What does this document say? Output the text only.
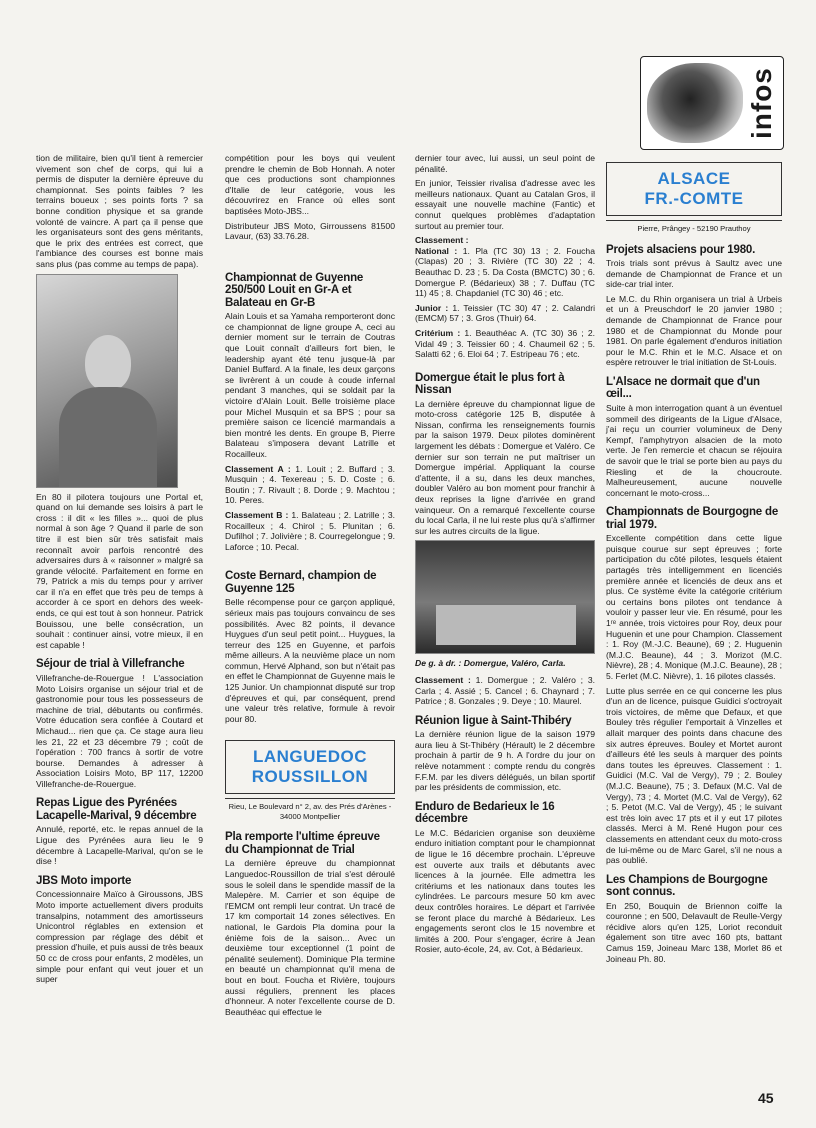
infos

tion de militaire, bien qu'il tient à remercier vivement son chef de corps, qui lui a permis de disputer la dernière épreuve du championnat. Ses points faibles ? les terrains boueux ; ses points forts ? sa bonne condition physique et sa grande volonté de vaincre. A part ça il pense que les organisateurs sont des gens méritants, que le prix des entrées est correct, que l'ambiance des courses est bonne mais sans plus (pas comme au temps de papa).

En 80 il pilotera toujours une Portal et, quand on lui demande ses loisirs à part le cross : il dit « les filles »... quoi de plus normal à son âge ? Quand il parle de son titre il est bien sûr très satisfait mais reconnaît avoir parfois rencontré des adversaires durs à « raisonner » malgré sa grande vélocité. Parfaitement en forme en 79, Patrick a mis du temps pour y arriver car il n'a en effet que très peu de temps à accorder à ce sport en dehors des week-ends, ce qui est tout à son honneur. Patrick Bouissou, une belle consécration, un souhait : continuer ainsi, votre mieux, il en est capable !

Séjour de trial à Villefranche

Villefranche-de-Rouergue ! L'association Moto Loisirs organise un séjour trial et de gastronomie pour tous les possesseurs de machine de trial, débutants ou confirmés. Votre éducation sera confiée à Coutard et Michaud... rien que ça. Ce stage aura lieu les 21, 22 et 23 décembre 79 ; coût de l'opération : 700 francs à sortir de votre bourse. Demandes à adresser à Association Loisirs Moto, BP 117, 12200 Villefranche-de-Rouergue.

Repas Ligue des Pyrénées Lacapelle-Marival, 9 décembre

Annulé, reporté, etc. le repas annuel de la Ligue des Pyrénées aura lieu le 9 décembre à Lacapelle-Marival, qu'on se le dise !

JBS Moto importe

Concessionnaire Maïco à Giroussons, JBS Moto importe actuellement divers produits transalpins, notamment des amortisseurs Unicontrol réglables en extension et compression par réglage des débit et pression d'huile, et puis aussi de très beaux 50 cc de cross pour enfants, 2 modèles, un simple pour enfant qui veut jouer et un super

compétition pour les boys qui veulent prendre le chemin de Bob Honnah. A noter que ces productions sont championnes d'Italie de leur catégorie, vous les découvrirez en France où elles sont baptisées Moto-JBS...

Distributeur JBS Moto, Girroussens 81500 Lavaur, (63) 33.76.28.

Championnat de Guyenne 250/500 Louit en Gr-A et Balateau en Gr-B

Alain Louis et sa Yamaha remporteront donc ce championnat de ligne groupe A, ceci au dernier moment sur le terrain de Coutras que Louit connaît d'ailleurs fort bien, le leadership ayant été tenu jusque-là par Daniel Buffard. A la finale, les deux garçons se livrèrent à un coude à coude infernal pendant 3 manches, qui se soldait par la victoire d'Alain Louit. Belle troisième place pour Michel Musquin et sa BPS ; pour sa première saison ce licencié marmandais a bien montré les dents. En groupe B, Pierre Balateau s'imposera devant Latrille et Rocailleux.

Classement A : 1. Louit ; 2. Buffard ; 3. Musquin ; 4. Texereau ; 5. D. Coste ; 6. Boutin ; 7. Rivault ; 8. Dorde ; 9. Machtou ; 10. Peres.

Classement B : 1. Balateau ; 2. Latrille ; 3. Rocailleux ; 4. Chirol ; 5. Plunitan ; 6. Dufilhol ; 7. Jolivière ; 8. Courregelongue ; 9. Laforce ; 10. Pecal.

Coste Bernard, champion de Guyenne 125

Belle récompense pour ce garçon appliqué, sérieux mais pas toujours convaincu de ses possibilités. Avec 82 points, il devance Huygues d'un seul petit point... Huygues, la terreur des 125 en Guyenne, et parfois même ailleurs. A la neuvième place un nom commun, Hervé Alphand, son but n'était pas en effet le Championnat de Guyenne mais le 125 Junior. Un championnat disputé sur trop d'épreuves et qui, par conséquent, prend une valeur très relative, formule à revoir pour 80.

LANGUEDOC
ROUSSILLON
Rieu, Le Boulevard n° 2, av. des Prés d'Arènes - 34000 Montpellier
Pla remporte l'ultime épreuve du Championnat de Trial

La dernière épreuve du championnat Languedoc-Roussillon de trial s'est déroulé sous le soleil dans le spendide massif de la Malepère. M. Carrier et son équipe de l'EMCM ont rempli leur contrat. Un tracé de 17 km comportait 14 zones sélectives. En national, le Gardois Pla domina pour la énième fois de la saison... Avec un deuxième tour exceptionnel (1 point de pénalité seulement). Dominique Pla termine en beauté un championnat qu'il mena de bout en bout. Foucha et Rivière, toujours aussi réguliers, prennent les places d'honneur. A noter l'excellente course de D. Beauthéac qui effectue le

dernier tour avec, lui aussi, un seul point de pénalité.

En junior, Teissier rivalisa d'adresse avec les meilleurs nationaux. Quant au Catalan Gros, il essayait une nouvelle machine (Fantic) et connut quelques problèmes d'adaptation surtout au premier tour.

Classement :

National : 1. Pla (TC 30) 13 ; 2. Foucha (Clapas) 20 ; 3. Rivière (TC 30) 22 ; 4. Beauthac D. 23 ; 5. Da Costa (BMCTC) 30 ; 6. Domergue P. (Bédarieux) 38 ; 7. Duffau (TC 11) 45 ; 8. Chapdaniel (TC 30) 46 ; etc.

Junior : 1. Teissier (TC 30) 47 ; 2. Calandri (EMCM) 57 ; 3. Gros (Thuir) 64.

Critérium : 1. Beauthéac A. (TC 30) 36 ; 2. Vidal 49 ; 3. Teissier 60 ; 4. Chaumeil 62 ; 5. Salatti 62 ; 6. Eloi 64 ; 7. Estripeau 76 ; etc.

Domergue était le plus fort à Nissan

La dernière épreuve du championnat ligue de moto-cross catégorie 125 B, disputée à Nissan, confirma les renseignements fournis par la saison 1979. Deux pilotes dominèrent largement les débats : Domergue et Valéro. Ce dernier sur son terrain ne put maîtriser un Domergue impérial. Appliquant la course d'attente, il a su, dans les deux manches, doubler Valéro au bon moment pour franchir à deux reprises la ligne d'arrivée en grand vainqueur. On a remarqué l'excellente course du local Carla, il ne lui reste plus qu'à s'affirmer sur les autres circuits de la ligue.

De g. à dr. : Domergue, Valéro, Carla.

Classement : 1. Domergue ; 2. Valéro ; 3. Carla ; 4. Assié ; 5. Cancel ; 6. Chaynard ; 7. Patrice ; 8. Gonzales ; 9. Deye ; 10. Maurel.

Réunion ligue à Saint-Thibéry

La dernière réunion ligue de la saison 1979 aura lieu à St-Thibéry (Hérault) le 2 décembre prochain à partir de 9 h. A l'ordre du jour on relève notamment : compte rendu du congrès F.F.M. par les divers délégués, un bilan sportif par les présidents de commission, etc.

Enduro de Bedarieux le 16 décembre

Le M.C. Bédaricien organise son deuxième enduro initiation comptant pour le championnat de ligue le 16 décembre prochain. L'épreuve est ouverte aux trails et débutants avec licences à la journée. Elle admettra les critériums et les nationaux dans toutes les cylindrées. Le parcours mesure 50 km avec deux contrôles horaires. Le départ et l'arrivée se feront place du marché à Bédarieux. Les engagements seront clos le 15 novembre et limités à 200. Pour s'engager, écrire à Jean Rosier, auto-école, 24, av. Cot, à Bédarieux.

ALSACE
FR.-COMTE
Pierre, Prângey - 52190 Prauthoy
Projets alsaciens pour 1980.

Trois trials sont prévus à Saultz avec une demande de Championnat de France et un side-car trial inter.

Le M.C. du Rhin organisera un trial à Urbeis et un à Preuschdorf le 20 janvier 1980 ; demande de Championnat de France pour 1980 et de Championnat du Monde pour 1981. On parle également d'enduros initiation pour le M.C. Rhin et le M.C. Alsace et on espère retrouver le trial initiation de St-Louis.

L'Alsace ne dormait que d'un œil...

Suite à mon interrogation quant à un éventuel sommeil des dirigeants de la Ligue d'Alsace, j'ai reçu un courrier volumineux de Deny Kempf, l'amphytryon alsacien de la moto verte. Je l'en remercie et chacun se réjouira de savoir que le trial se porte bien au pays du Riesling et de la choucroute. Malheureusement, aucune nouvelle concernant le moto-cross...

Championnats de Bourgogne de trial 1979.

Excellente compétition dans cette ligue puisque courue sur sept épreuves ; forte participation du côté pilotes, lesquels étaient partagés très intelligemment en licenciés première année et licenciés de deux ans et plus. Ce système évite la catégorie critérium ou certains bons pilotes ont tendance à vouloir y passer leur vie. En résumé, pour les 1ʳᵉ année, trois victoires pour Roy, deux pour Huguenin et une pour Champion. Classement : 1. Roy (M.-J.C. Beaune), 69 ; 2. Huguenin (M.J.C. Beaune), 44 ; 3. Morizot (M.C. Nièvre), 28 ; 4. Monique (M.J.C. Beaune), 28 ; 5. Ferlet (M.C. Nièvre), 1. 16 pilotes classés.

Lutte plus serrée en ce qui concerne les plus d'un an de licence, puisque Guidici s'octroyait trois victoires, de même que Defaux, et que Bouley très régulier l'emportait à Vinzelles et allait marquer des points dans chacune des six autres épreuves. Bouley et Mortet auront d'ailleurs été les seuls à marquer des points dans toutes les épreuves. Classement : 1. Guidici (M.C. Val de Vergy), 79 ; 2. Bouley (M.J.C. Beaune), 75 ; 3. Defaux (M.C. Val de Vergy), 73 ; 4. Mortet (M.C. Val de Vergy), 62 ; 5. Petot (M.C. Val de Vergy), 45 ; le suivant est très loin avec 17 pts et il y eut 17 pilotes classés. Merci à M. René Hugon pour ces classements en attendant ceux du moto-cross de lui-même ou de Marc Garel, s'il ne nous a pas oublié.

Les Champions de Bourgogne sont connus.

En 250, Bouquin de Briennon coiffe la couronne ; en 500, Delavault de Reulle-Vergy récidive alors qu'en 125, Loriot reconduit également son titre avec 160 pts, battant Camus 159, Joineau Marc 138, Morlet 86 et Joineau Ph. 80.

45
